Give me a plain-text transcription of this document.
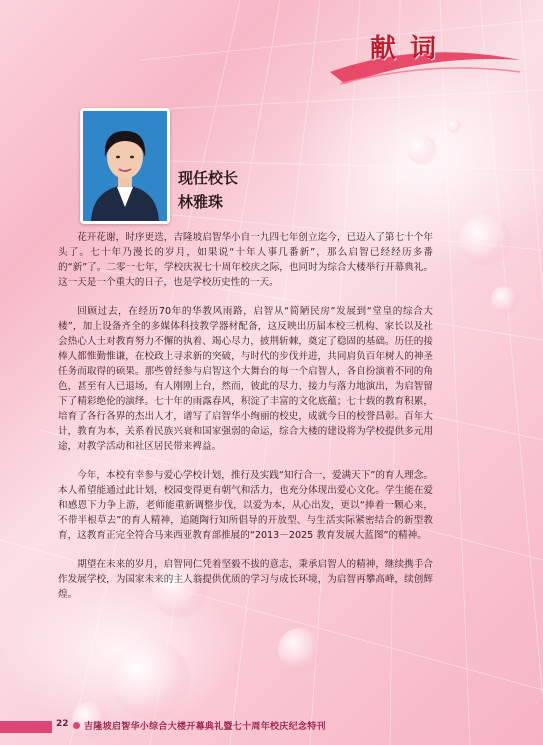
献词
现任校长
林雅珠

花开花谢，时序更迭，吉隆坡启智华小自一九四七年创立迄今，已迈入了第七十个年头了。七十年乃漫长的岁月，如果说“十年人事几番新”，那么启智已经经历多番的“新”了。二零一七年，学校庆祝七十周年校庆之际，也同时为综合大楼举行开幕典礼。这一天是一个重大的日子，也是学校历史性的一天。

回顾过去，在经历70年的华教风雨路，启智从“简陋民房”发展到“堂皇的综合大楼”，加上设备齐全的多媒体科技教学器材配备，这反映出历届本校三机构、家长以及社会热心人士对教育努力不懈的执着、竭心尽力，披荆斩棘，奠定了稳固的基础。历任的接棒人都惟勤惟谦，在校政上寻求新的突破，与时代的步伐并进，共同肩负百年树人的神圣任务而取得的硕果。那些曾经参与启智这个大舞台的每一个启智人，各自扮演着不同的角色，甚至有人已退场，有人刚刚上台，然而，彼此的尽力、接力与落力地演出，为启智留下了精彩绝伦的演绎。七十年的雨露春风，积淀了丰富的文化底蕴；七十载的教育积累，培育了各行各界的杰出人才，谱写了启智华小绚丽的校史，成就今日的校誉昌彰。百年大计，教育为本，关系着民族兴衰和国家强弱的命运，综合大楼的建设将为学校提供多元用途，对教学活动和社区居民带来裨益。

今年，本校有幸参与爱心学校计划，推行及实践“知行合一，爱满天下”的育人理念。本人希望能通过此计划，校园变得更有朝气和活力，也充分体现出爱心文化。学生能在爱和感恩下力争上游，老师能重新调整步伐，以爱为本，从心出发，更以“捧着一颗心来，不带半根草去”的育人精神，追随陶行知所倡导的开放型、与生活实际紧密结合的新型教育，这教育正完全符合马来西亚教育部推展的“2013－2025 教育发展大蓝图”的精神。

期望在未来的岁月，启智同仁凭着坚毅不拔的意志，秉承启智人的精神，继续携手合作发展学校，为国家未来的主人翁提供优质的学习与成长环境，为启智再攀高峰，续创辉煌。

22 吉隆坡启智华小综合大楼开幕典礼暨七十周年校庆纪念特刊
